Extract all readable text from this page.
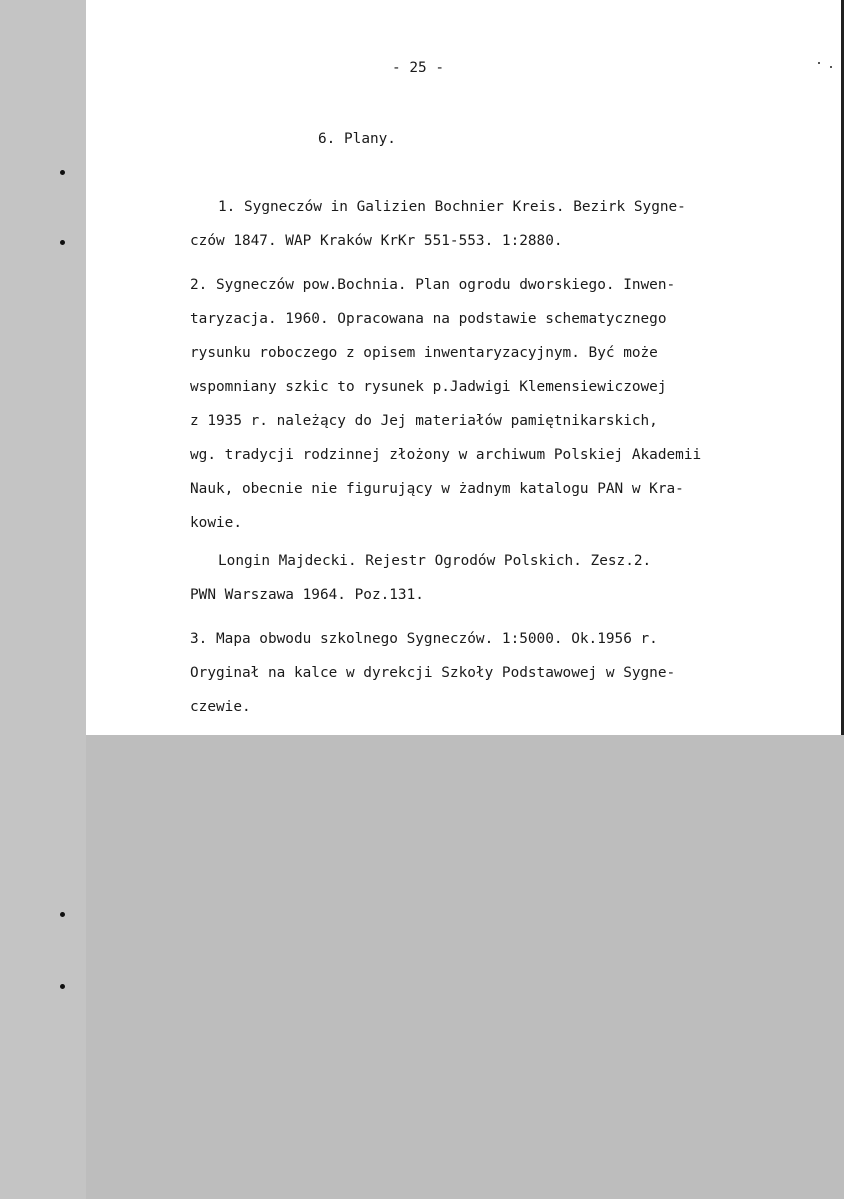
- 25 -
6. Plany.
1. Sygneczów in Galizien Bochnier Kreis. Bezirk Sygne-
czów 1847. WAP Kraków KrKr 551-553. 1:2880.
2. Sygneczów pow.Bochnia. Plan ogrodu dworskiego. Inwen-
taryzacja. 1960. Opracowana na podstawie schematycznego
rysunku roboczego z opisem inwentaryzacyjnym. Być może
wspomniany szkic to rysunek p.Jadwigi Klemensiewiczowej
z 1935 r. należący do Jej materiałów pamiętnikarskich,
wg. tradycji rodzinnej złożony w archiwum Polskiej Akademii
Nauk, obecnie nie figurujący w żadnym katalogu PAN w Kra-
kowie.
Longin Majdecki. Rejestr Ogrodów Polskich. Zesz.2.
PWN Warszawa 1964. Poz.131.
3. Mapa obwodu szkolnego Sygneczów. 1:5000. Ok.1956 r.
Oryginał na kalce w dyrekcji Szkoły Podstawowej w Sygne-
czewie.
